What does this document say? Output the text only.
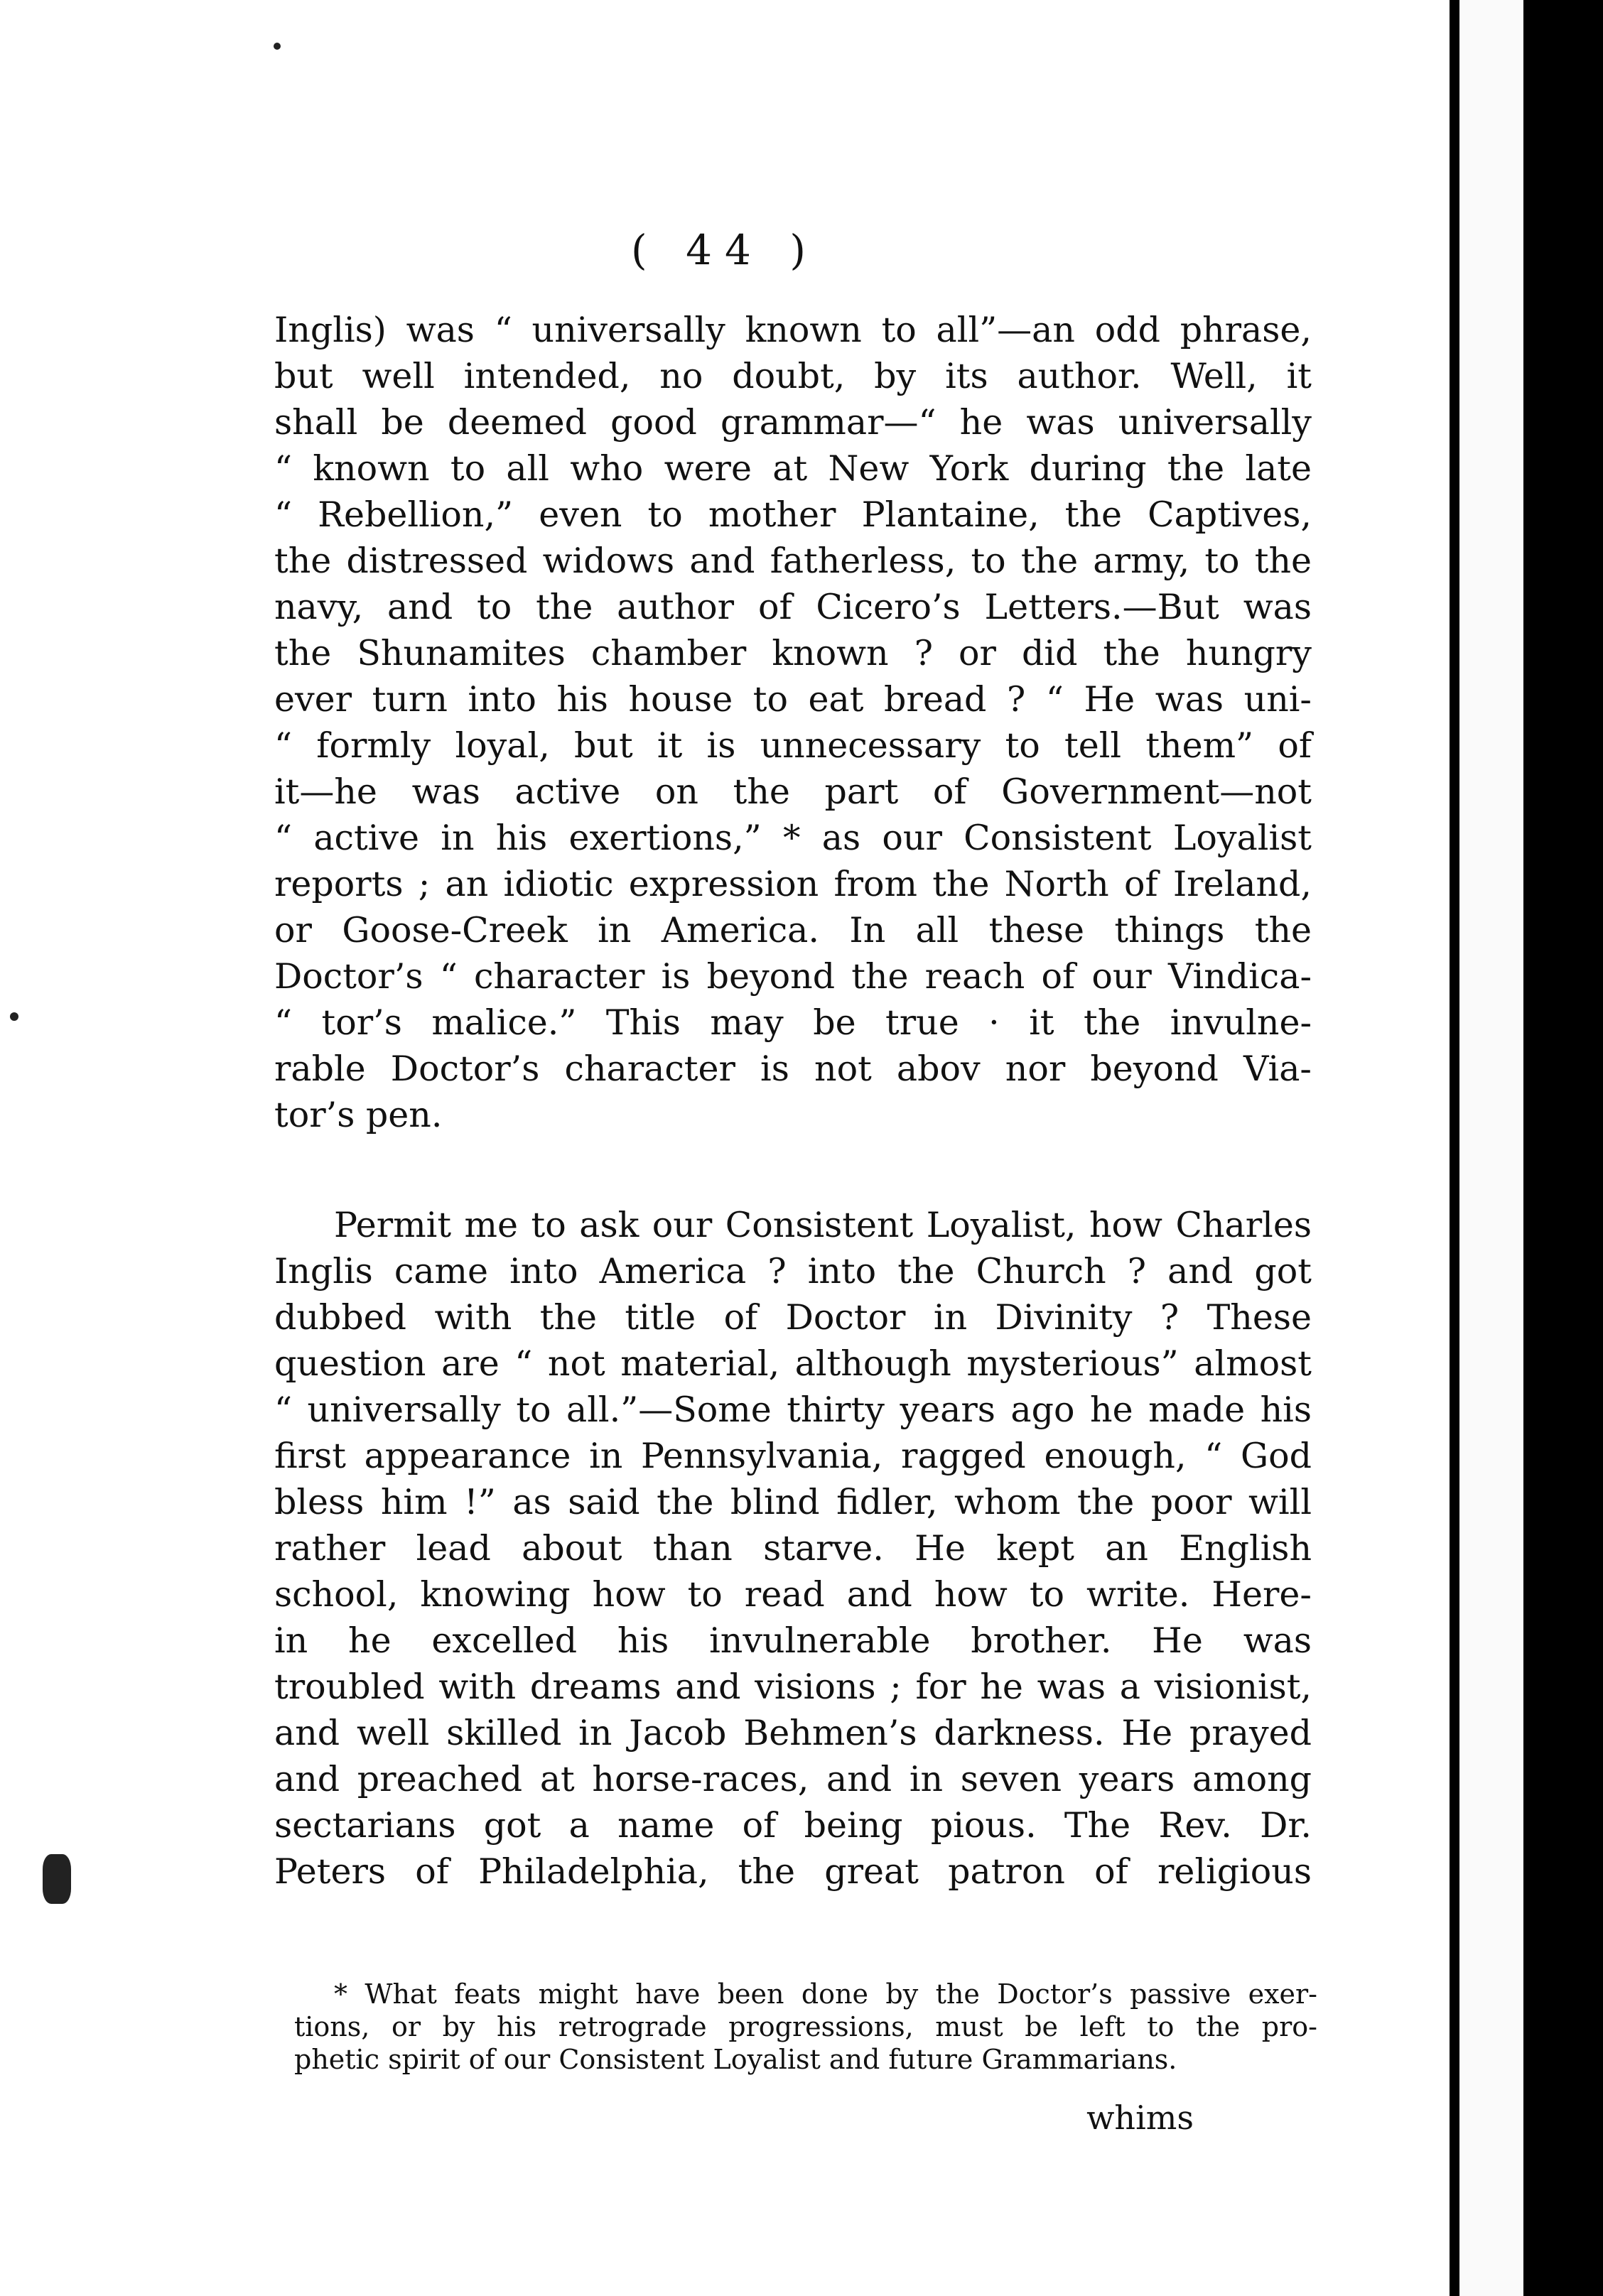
( 44 )
Inglis) was “ universally known to all”—an odd phrase,
but well intended, no doubt, by its author. Well, it
shall be deemed good grammar—“ he was universally
“ known to all who were at New York during the late
“ Rebellion,” even to mother Plantaine, the Captives,
the distressed widows and fatherless, to the army, to the
navy, and to the author of Cicero’s Letters.—But was
the Shunamites chamber known ? or did the hungry
ever turn into his house to eat bread ? “ He was uni-
“ formly loyal, but it is unnecessary to tell them” of
it—he was active on the part of Government—not
“ active in his exertions,” * as our Consistent Loyalist
reports ; an idiotic expression from the North of Ireland,
or Goose-Creek in America. In all these things the
Doctor’s “ character is beyond the reach of our Vindica-
“ tor’s malice.” This may be true · it the invulne-
rable Doctor’s character is not abov nor beyond Via-
tor’s pen.
Permit me to ask our Consistent Loyalist, how Charles
Inglis came into America ? into the Church ? and got
dubbed with the title of Doctor in Divinity ? These
question are “ not material, although mysterious” almost
“ universally to all.”—Some thirty years ago he made his
first appearance in Pennsylvania, ragged enough, “ God
bless him !” as said the blind fidler, whom the poor will
rather lead about than starve. He kept an English
school, knowing how to read and how to write. Here-
in he excelled his invulnerable brother. He was
troubled with dreams and visions ; for he was a visionist,
and well skilled in Jacob Behmen’s darkness. He prayed
and preached at horse-races, and in seven years among
sectarians got a name of being pious. The Rev. Dr.
Peters of Philadelphia, the great patron of religious
* What feats might have been done by the Doctor’s passive exer-
tions, or by his retrograde progressions, must be left to the pro-
phetic spirit of our Consistent Loyalist and future Grammarians.
whims
